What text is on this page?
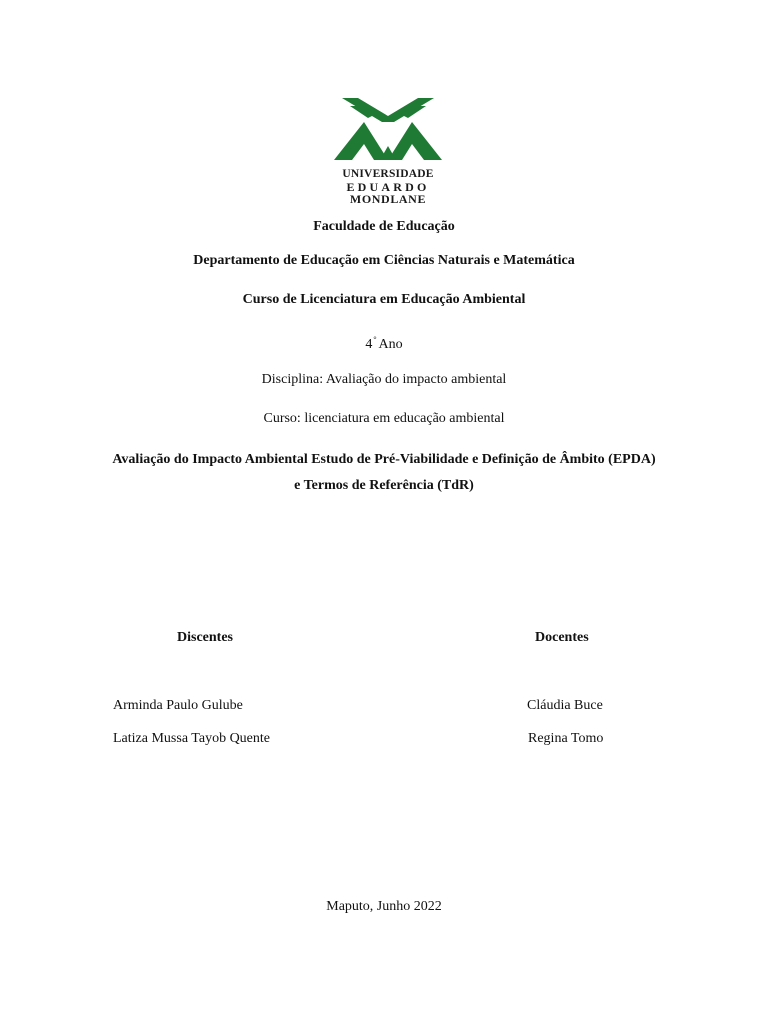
UNIVERSIDADE
EDUARDO
MONDLANE
Faculdade de Educação
Departamento de Educação em Ciências Naturais e Matemática
Curso de Licenciatura em Educação Ambiental
4° Ano
Disciplina: Avaliação do impacto ambiental
Curso: licenciatura em educação ambiental
Avaliação do Impacto Ambiental Estudo de Pré-Viabilidade e Definição de Âmbito (EPDA)
e Termos de Referência (TdR)
Discentes	Docentes
Arminda Paulo Gulube
Latiza Mussa Tayob Quente
Cláudia Buce
Regina Tomo
Maputo, Junho 2022
